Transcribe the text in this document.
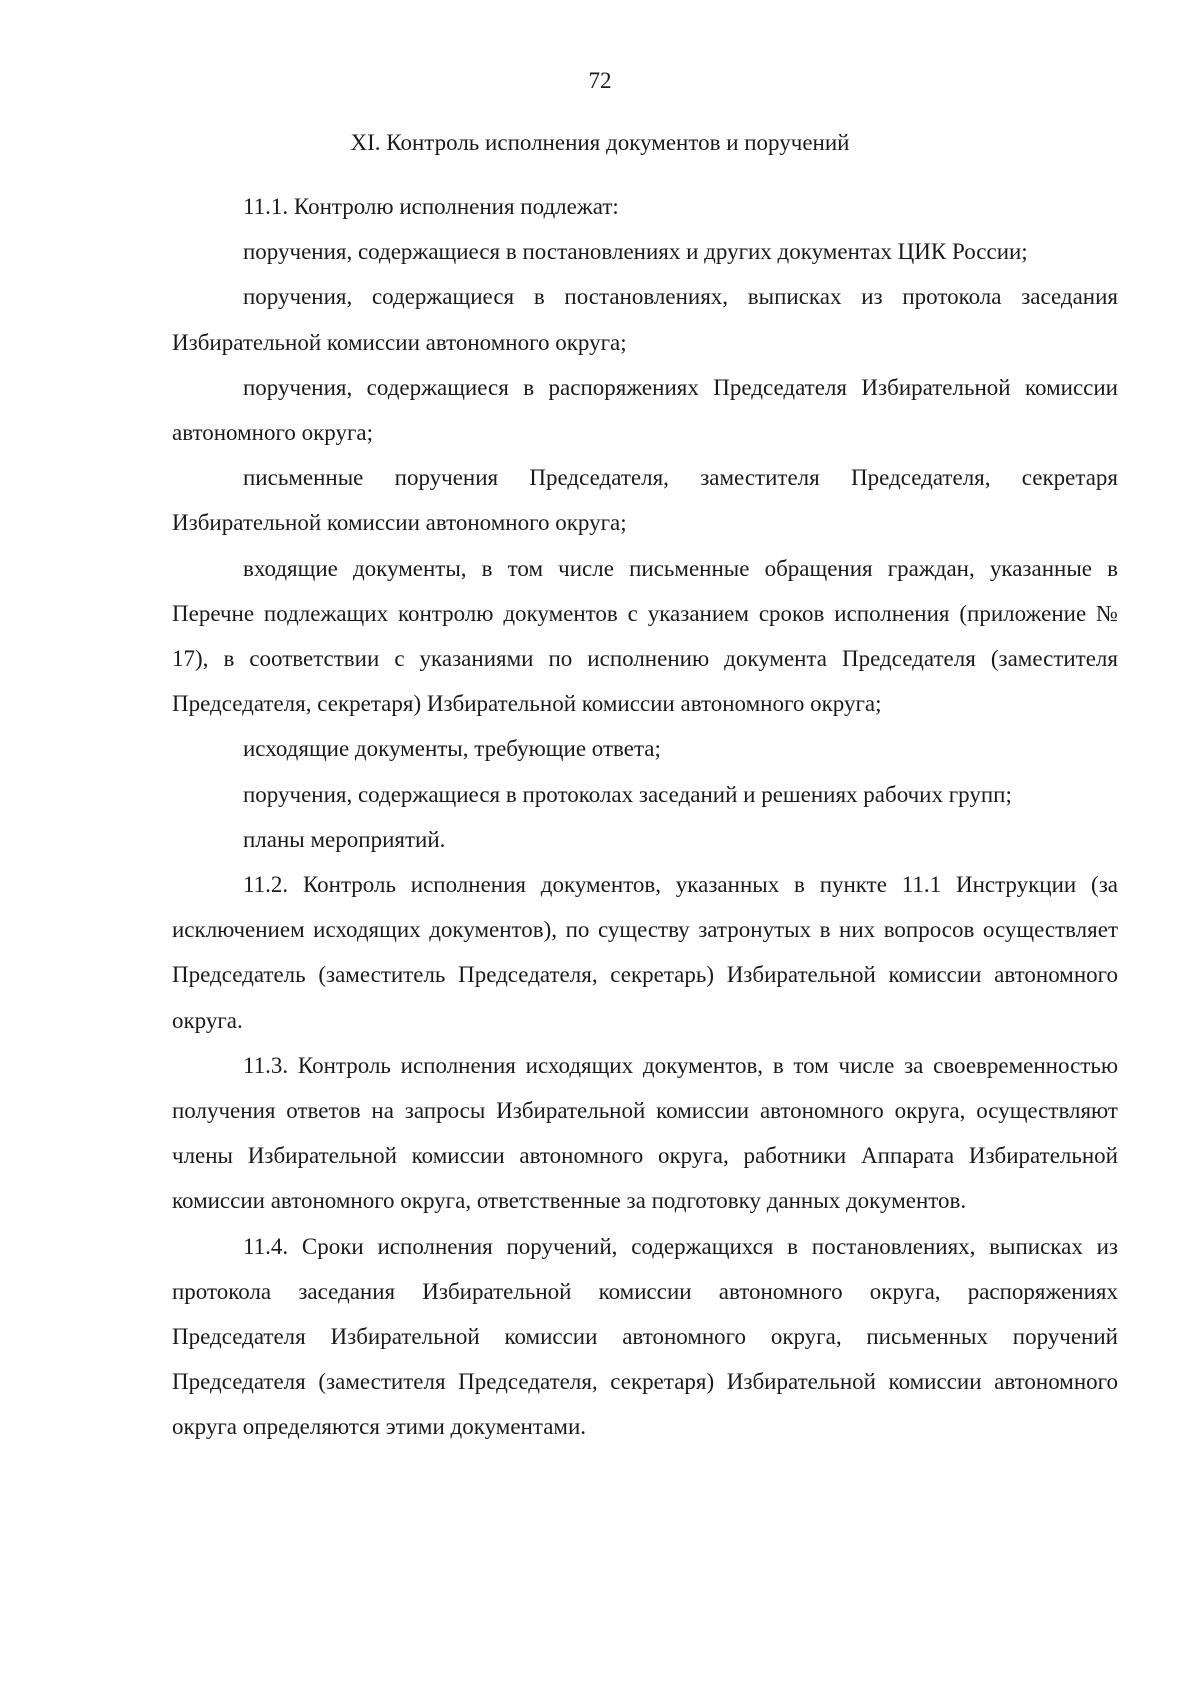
72
XI. Контроль исполнения документов и поручений

11.1. Контролю исполнения подлежат:

поручения, содержащиеся в постановлениях и других документах ЦИК России;

поручения, содержащиеся в постановлениях, выписках из протокола заседания Избирательной комиссии автономного округа;

поручения, содержащиеся в распоряжениях Председателя Избирательной комиссии автономного округа;

письменные поручения Председателя, заместителя Председателя, секретаря Избирательной комиссии автономного округа;

входящие документы, в том числе письменные обращения граждан, указанные в Перечне подлежащих контролю документов с указанием сроков исполнения (приложение № 17), в соответствии с указаниями по исполнению документа Председателя (заместителя Председателя, секретаря) Избирательной комиссии автономного округа;

исходящие документы, требующие ответа;

поручения, содержащиеся в протоколах заседаний и решениях рабочих групп;

планы мероприятий.

11.2. Контроль исполнения документов, указанных в пункте 11.1 Инструкции (за исключением исходящих документов), по существу затронутых в них вопросов осуществляет Председатель (заместитель Председателя, секретарь) Избирательной комиссии автономного округа.

11.3. Контроль исполнения исходящих документов, в том числе за своевременностью получения ответов на запросы Избирательной комиссии автономного округа, осуществляют члены Избирательной комиссии автономного округа, работники Аппарата Избирательной комиссии автономного округа, ответственные за подготовку данных документов.

11.4. Сроки исполнения поручений, содержащихся в постановлениях, выписках из протокола заседания Избирательной комиссии автономного округа, распоряжениях Председателя Избирательной комиссии автономного округа, письменных поручений Председателя (заместителя Председателя, секретаря) Избирательной комиссии автономного округа определяются этими документами.
